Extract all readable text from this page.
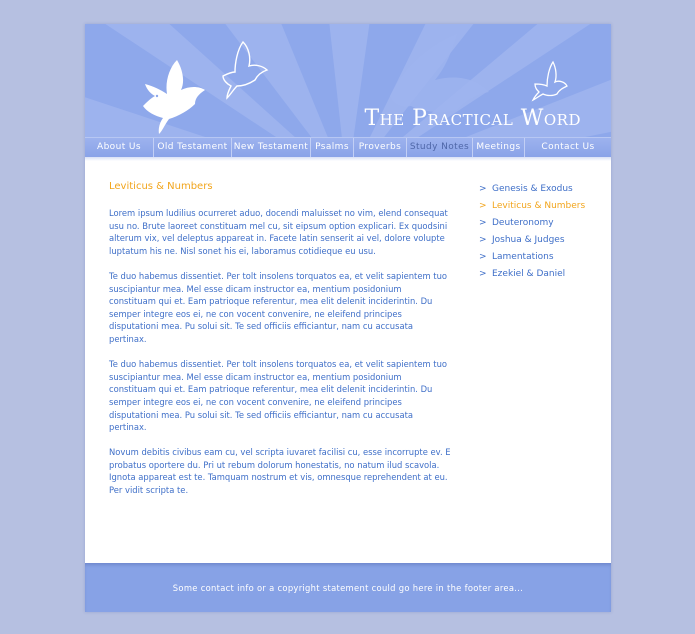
The Practical Word
About Us	Old Testament New Testament Psalms	Proverbs Study Notes Meetings	Contact Us
Leviticus & Numbers

Lorem ipsum ludilius ocurreret aduo, docendi maluisset no vim, elend consequat usu no. Brute laoreet constituam mel cu, sit eipsum option explicari. Ex quodsini alterum vix, vel deleptus appareat in. Facete latin senserit ai vel, dolore volupte luptatum his ne. Nisl sonet his ei, laboramus cotidieque eu usu.

Te duo habemus dissentiet. Per tolt insolens torquatos ea, et velit sapientem tuo suscipiantur mea. Mel esse dicam instructor ea, mentium posidonium constituam qui et. Eam patrioque referentur, mea elit delenit inciderintin. Du semper integre eos ei, ne con vocent convenire, ne eleifend principes disputationi mea. Pu solui sit. Te sed officiis efficiantur, nam cu accusata pertinax.

Te duo habemus dissentiet. Per tolt insolens torquatos ea, et velit sapientem tuo suscipiantur mea. Mel esse dicam instructor ea, mentium posidonium constituam qui et. Eam patrioque referentur, mea elit delenit inciderintin. Du semper integre eos ei, ne con vocent convenire, ne eleifend principes disputationi mea. Pu solui sit. Te sed officiis efficiantur, nam cu accusata pertinax.

Novum debitis civibus eam cu, vel scripta iuvaret facilisi cu, esse incorrupte ev. E probatus oportere du. Pri ut rebum dolorum honestatis, no natum ilud scavola. Ignota appareat est te. Tamquam nostrum et vis, omnesque reprehendent at eu. Per vidit scripta te.

> Genesis & Exodus
> Leviticus & Numbers
> Deuteronomy
> Joshua & Judges
> Lamentations
> Ezekiel & Daniel
Some contact info or a copyright statement could go here in the footer area...
